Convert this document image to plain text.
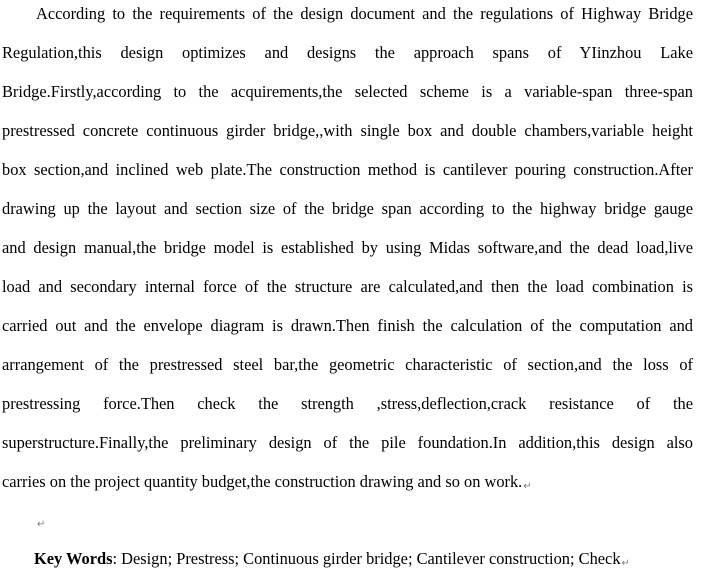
According to the requirements of the design document and the regulations of Highway Bridge
Regulation,this design optimizes and designs the approach spans of YIinzhou Lake
Bridge.Firstly,according to the acquirements,the selected scheme is a variable-span three-span
prestressed concrete continuous girder bridge,,with single box and double chambers,variable height
box section,and inclined web plate.The construction method is cantilever pouring construction.After
drawing up the layout and section size of the bridge span according to the highway bridge gauge
and design manual,the bridge model is established by using Midas software,and the dead load,live
load and secondary internal force of the structure are calculated,and then the load combination is
carried out and the envelope diagram is drawn.Then finish the calculation of the computation and
arrangement of the prestressed steel bar,the geometric characteristic of section,and the loss of
prestressing force.Then check the strength ,stress,deflection,crack resistance of the
superstructure.Finally,the preliminary design of the pile foundation.In addition,this design also
carries on the project quantity budget,the construction drawing and so on work.↵
↵
Key Words: Design; Prestress; Continuous girder bridge; Cantilever construction; Check↵
